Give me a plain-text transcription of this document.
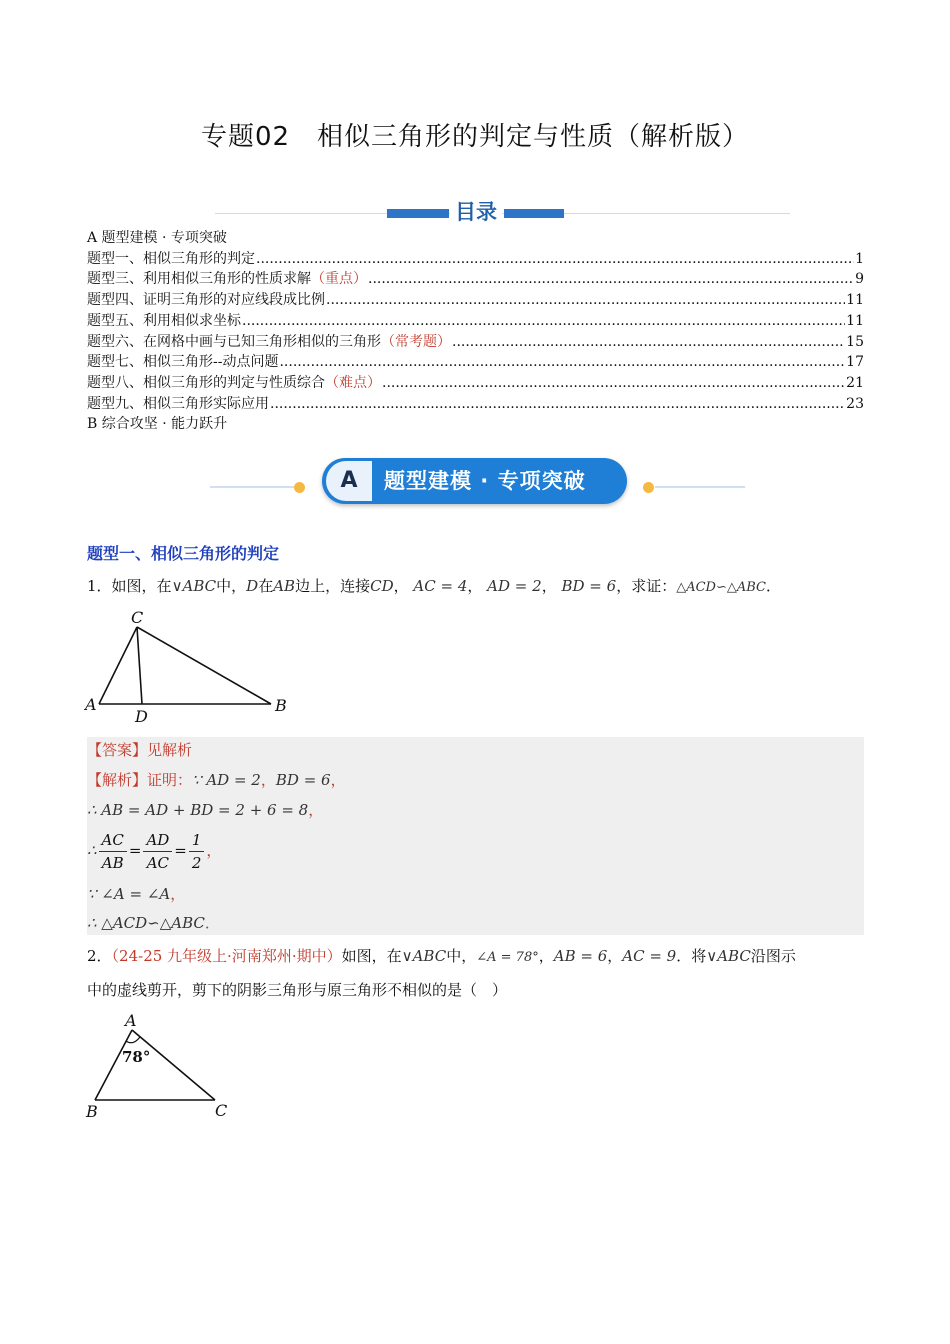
专题02　相似三角形的判定与性质（解析版）
目录
A 题型建模 · 专项突破
题型一、相似三角形的判定 .....	1
题型三、利用相似三角形的性质求解 （重点） .....	9
题型四、证明三角形的对应线段成比例 .....	11
题型五、利用相似求坐标 .....	11
题型六、在网格中画与已知三角形相似的三角形 （常考题） .....	15
题型七、相似三角形--动点问题 .....	17
题型八、相似三角形的判定与性质综合 （难点） .....	21
题型九、相似三角形实际应用 .....	23
B 综合攻坚 · 能力跃升
A	题型建模 · 专项突破
题型一、相似三角形的判定
1．如图，在∨ABC中，D在AB边上，连接CD， AC = 4， AD = 2， BD = 6，求证：△ACD∽△ABC．
C
A
D
B
【答案】见解析
【解析】证明：∵ AD = 2，BD = 6，
∴ AB = AD + BD = 2 + 6 = 8，
∴ $\frac{AC}{AB} = \frac{AD}{AC} = \frac{1}{2}$ ，
∵ ∠A = ∠A，
∴ △ACD∽△ABC．
2．（24-25 九年级上·河南郑州·期中）如图，在∨ABC中，∠A = 78°，AB = 6，AC = 9．将∨ABC沿图示
中的虚线剪开，剪下的阴影三角形与原三角形不相似的是（　）
A
78°
B	C
